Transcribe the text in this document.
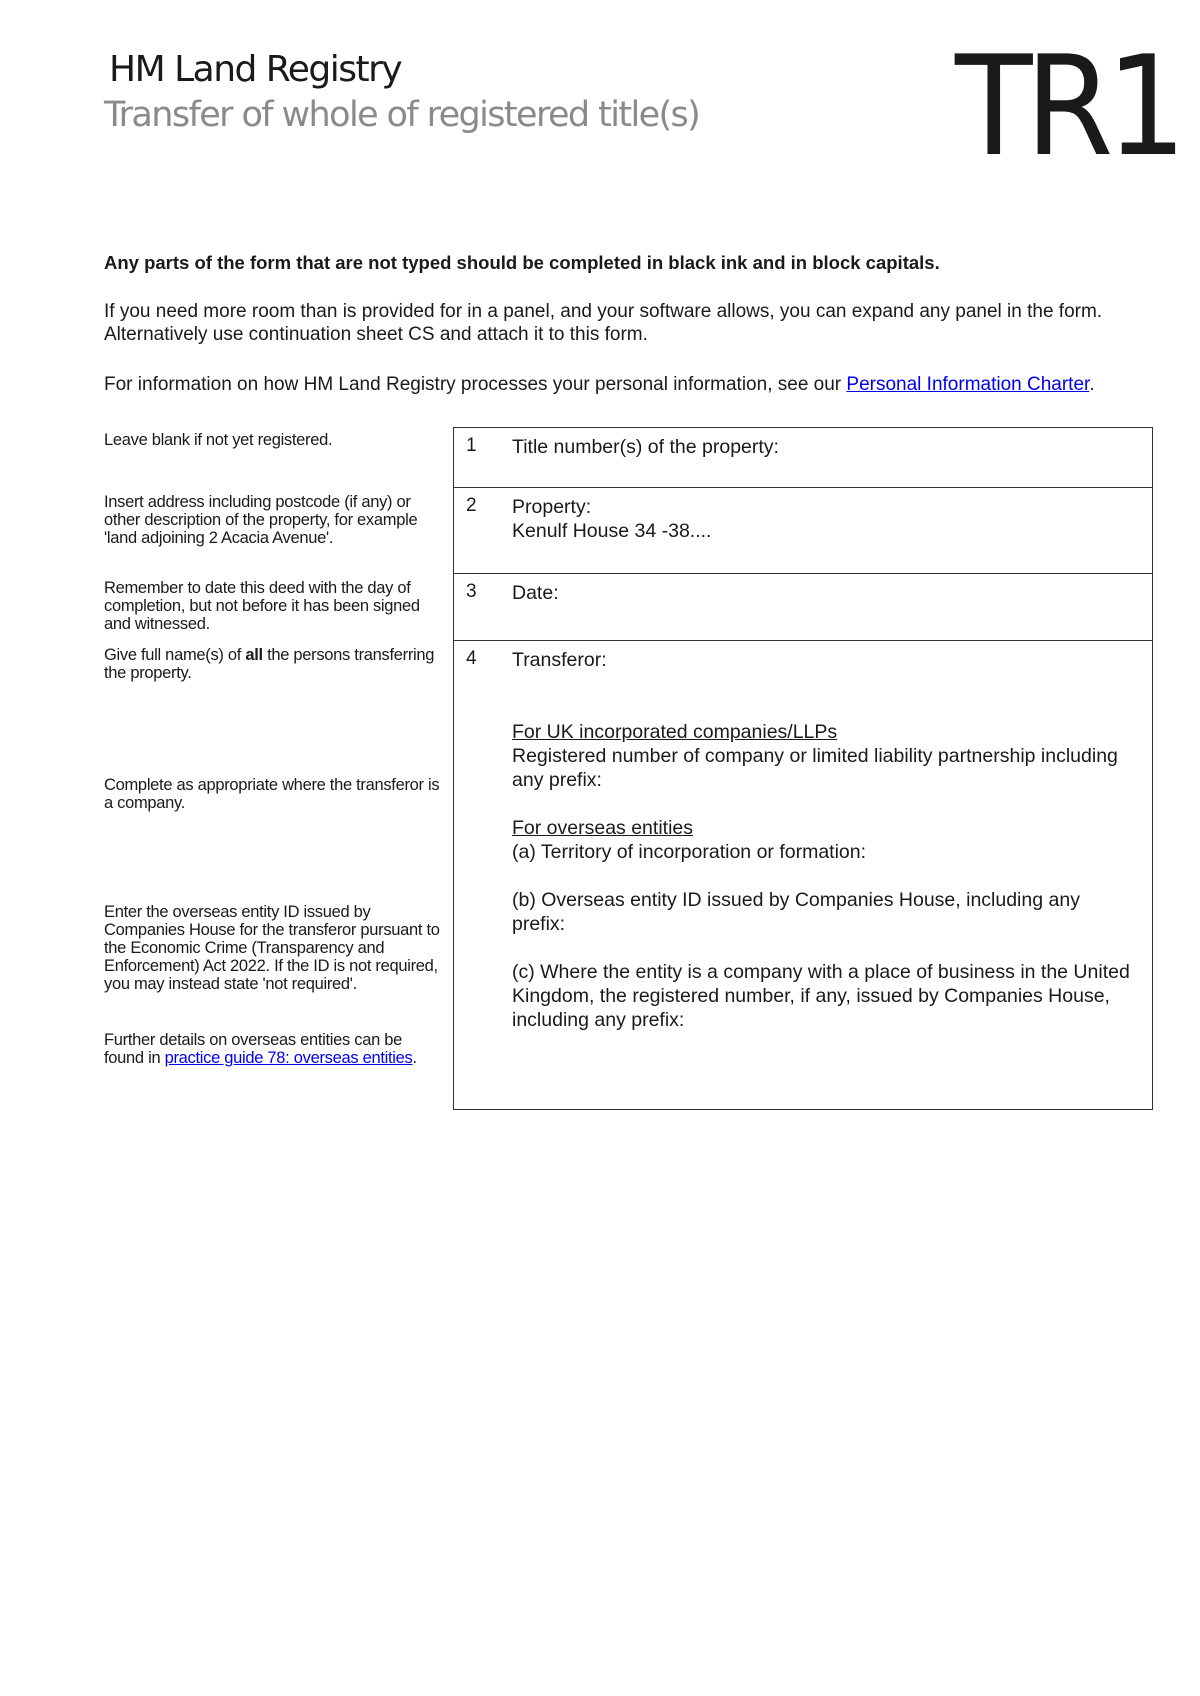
HM Land Registry
Transfer of whole of registered title(s) TR1
Any parts of the form that are not typed should be completed in black ink and in block capitals.
If you need more room than is provided for in a panel, and your software allows, you can expand any panel in the form. Alternatively use continuation sheet CS and attach it to this form.
For information on how HM Land Registry processes your personal information, see our Personal Information Charter.
Leave blank if not yet registered.
Insert address including postcode (if any) or other description of the property, for example 'land adjoining 2 Acacia Avenue'.
Remember to date this deed with the day of completion, but not before it has been signed and witnessed.
Give full name(s) of all the persons transferring the property.
Complete as appropriate where the transferor is a company.
Enter the overseas entity ID issued by Companies House for the transferor pursuant to the Economic Crime (Transparency and Enforcement) Act 2022. If the ID is not required, you may instead state 'not required'.
Further details on overseas entities can be found in practice guide 78: overseas entities.
1 Title number(s) of the property:
2 Property:
Kenulf House 34 -38....
3 Date:
4 Transferor:
For UK incorporated companies/LLPs
Registered number of company or limited liability partnership including any prefix:
For overseas entities
(a) Territory of incorporation or formation:
(b) Overseas entity ID issued by Companies House, including any prefix:
(c) Where the entity is a company with a place of business in the United Kingdom, the registered number, if any, issued by Companies House, including any prefix:
